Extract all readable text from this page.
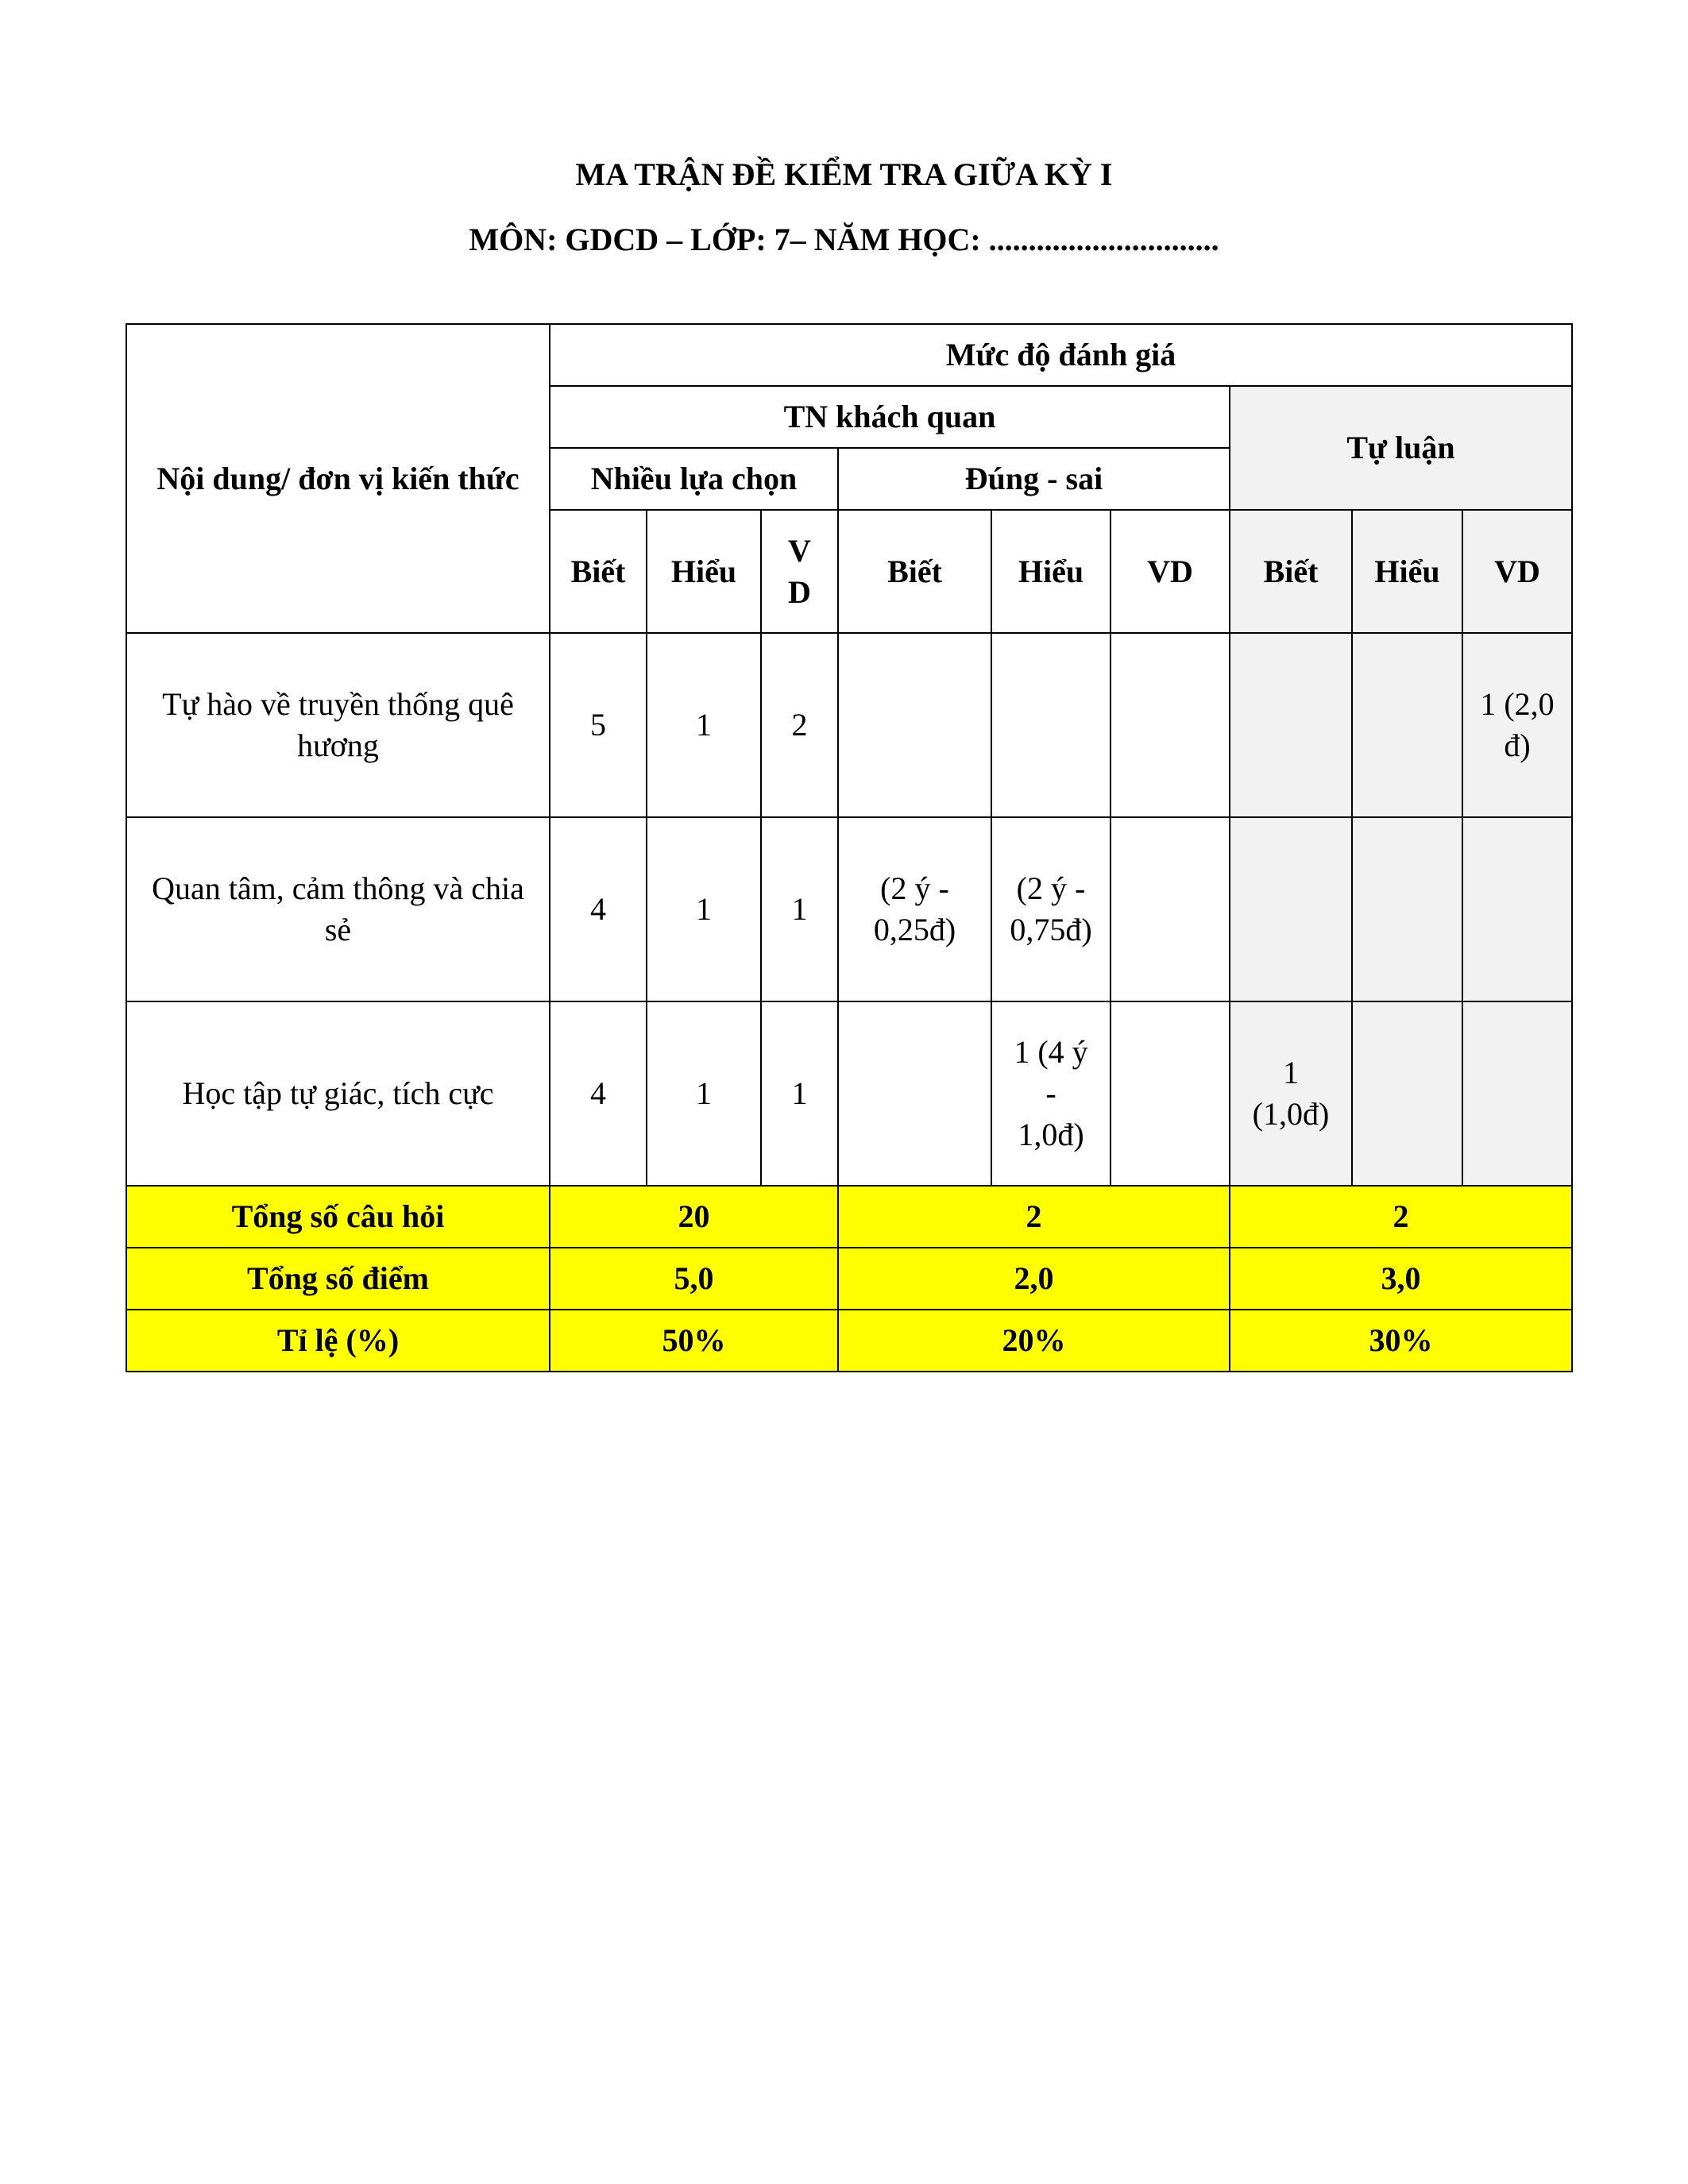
MA TRẬN ĐỀ KIỂM TRA GIỮA KỲ I
MÔN: GDCD – LỚP: 7– NĂM HỌC: .............................
Nội dung/ đơn vị kiến thức	Mức độ đánh giá								
	TN khách quan						Tự luận		
	Nhiều lựa chọn			Đúng - sai					
	Biết	Hiểu	VD	Biết	Hiểu	VD	Biết	Hiểu	VD
Tự hào về truyền thống quê hương	5	1	2						1 (2,0đ)
Quan tâm, cảm thông và chia sẻ	4	1	1	(2 ý - 0,25đ)	(2 ý - 0,75đ)				
Học tập tự giác, tích cực	4	1	1		1 (4 ý - 1,0đ)		1 (1,0đ)		
Tổng số câu hỏi	20			2			2		
Tổng số điểm	5,0			2,0			3,0		
Tỉ lệ (%)	50%			20%			30%		
